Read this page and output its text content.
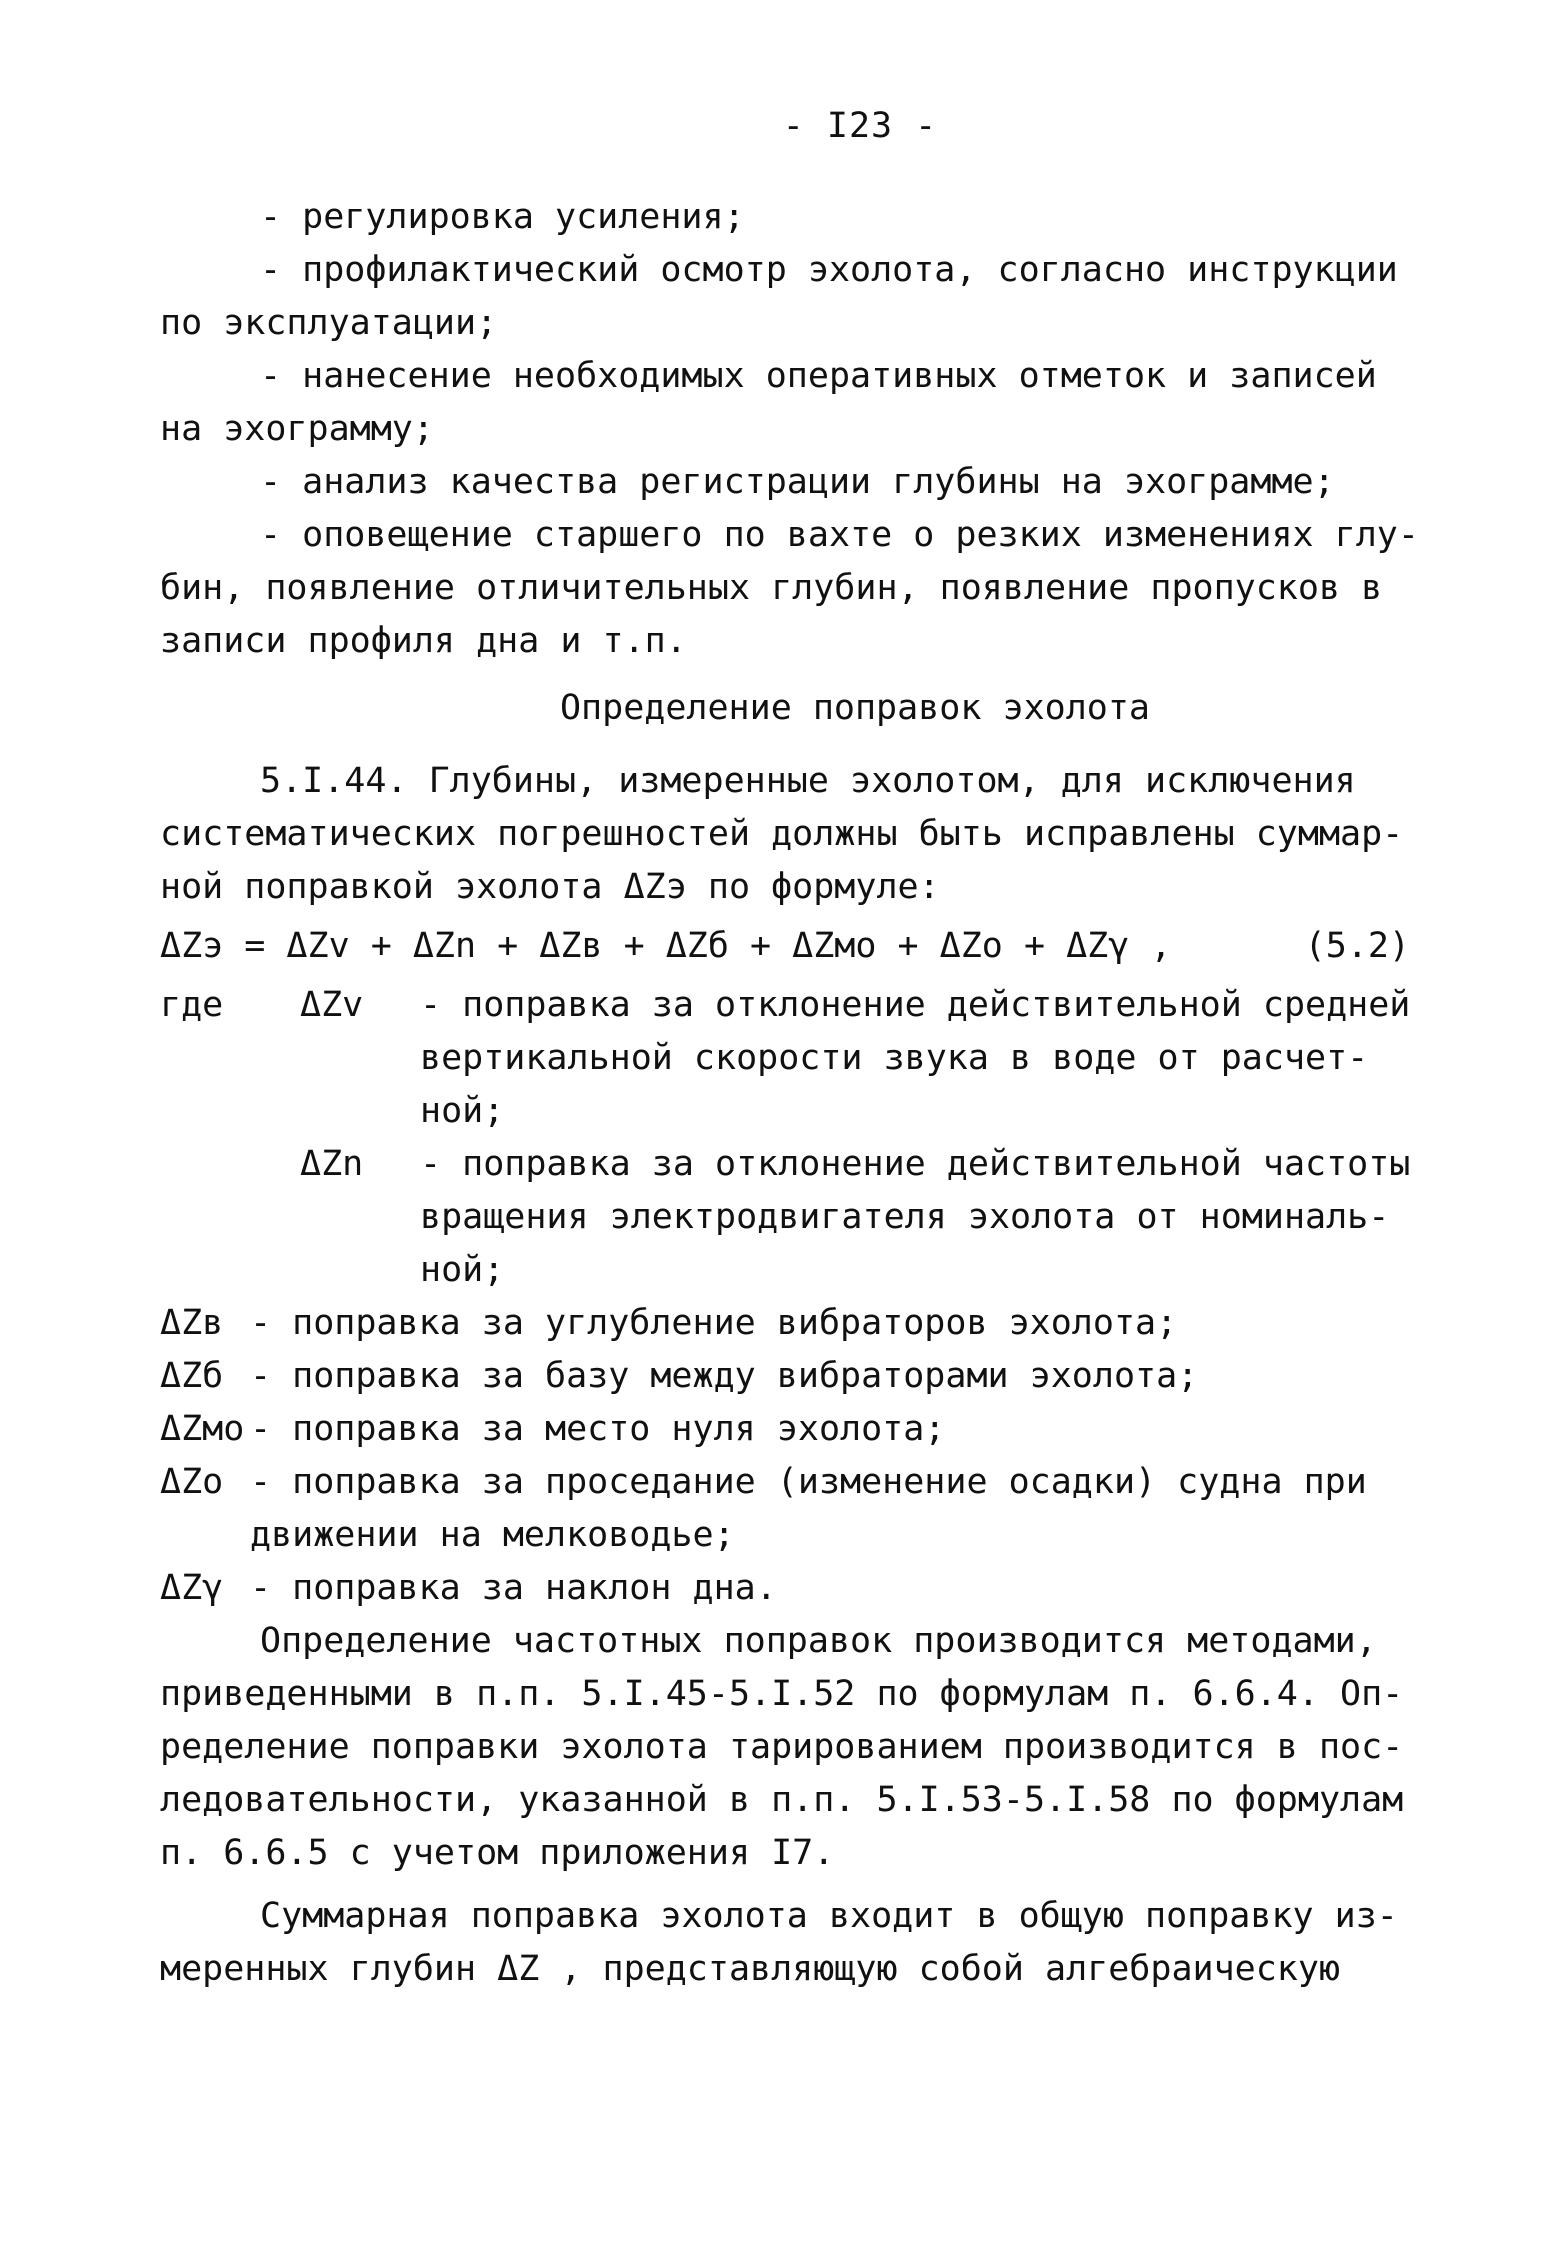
- I23 -
- регулировка усиления;
- профилактический осмотр эхолота, согласно инструкции
по эксплуатации;
- нанесение необходимых оперативных отметок и записей
на эхограмму;
- анализ качества регистрации глубины на эхограмме;
- оповещение старшего по вахте о резких изменениях глу-
бин, появление отличительных глубин, появление пропусков в
записи профиля дна и т.п.
Определение поправок эхолота
5.I.44. Глубины, измеренные эхолотом, для исключения
систематических погрешностей должны быть исправлены суммар-
ной поправкой эхолота ΔZэ по формуле:
ΔZэ = ΔZv + ΔZn + ΔZв + ΔZб + ΔZмо + ΔZo + ΔZγ ,	(5.2)
где	ΔZv	- поправка за отклонение действительной средней
вертикальной скорости звука в воде от расчет-
ной;
ΔZn	- поправка за отклонение действительной частоты
вращения электродвигателя эхолота от номиналь-
ной;
ΔZв - поправка за углубление вибраторов эхолота;
ΔZб - поправка за базу между вибраторами эхолота;
ΔZмо - поправка за место нуля эхолота;
ΔZo - поправка за проседание (изменение осадки) судна при
движении на мелководье;
ΔZγ - поправка за наклон дна.
Определение частотных поправок производится методами,
приведенными в п.п. 5.I.45-5.I.52 по формулам п. 6.6.4. Оп-
ределение поправки эхолота тарированием производится в пос-
ледовательности, указанной в п.п. 5.I.53-5.I.58 по формулам
п. 6.6.5 с учетом приложения I7.
Суммарная поправка эхолота входит в общую поправку из-
меренных глубин ΔZ , представляющую собой алгебраическую
